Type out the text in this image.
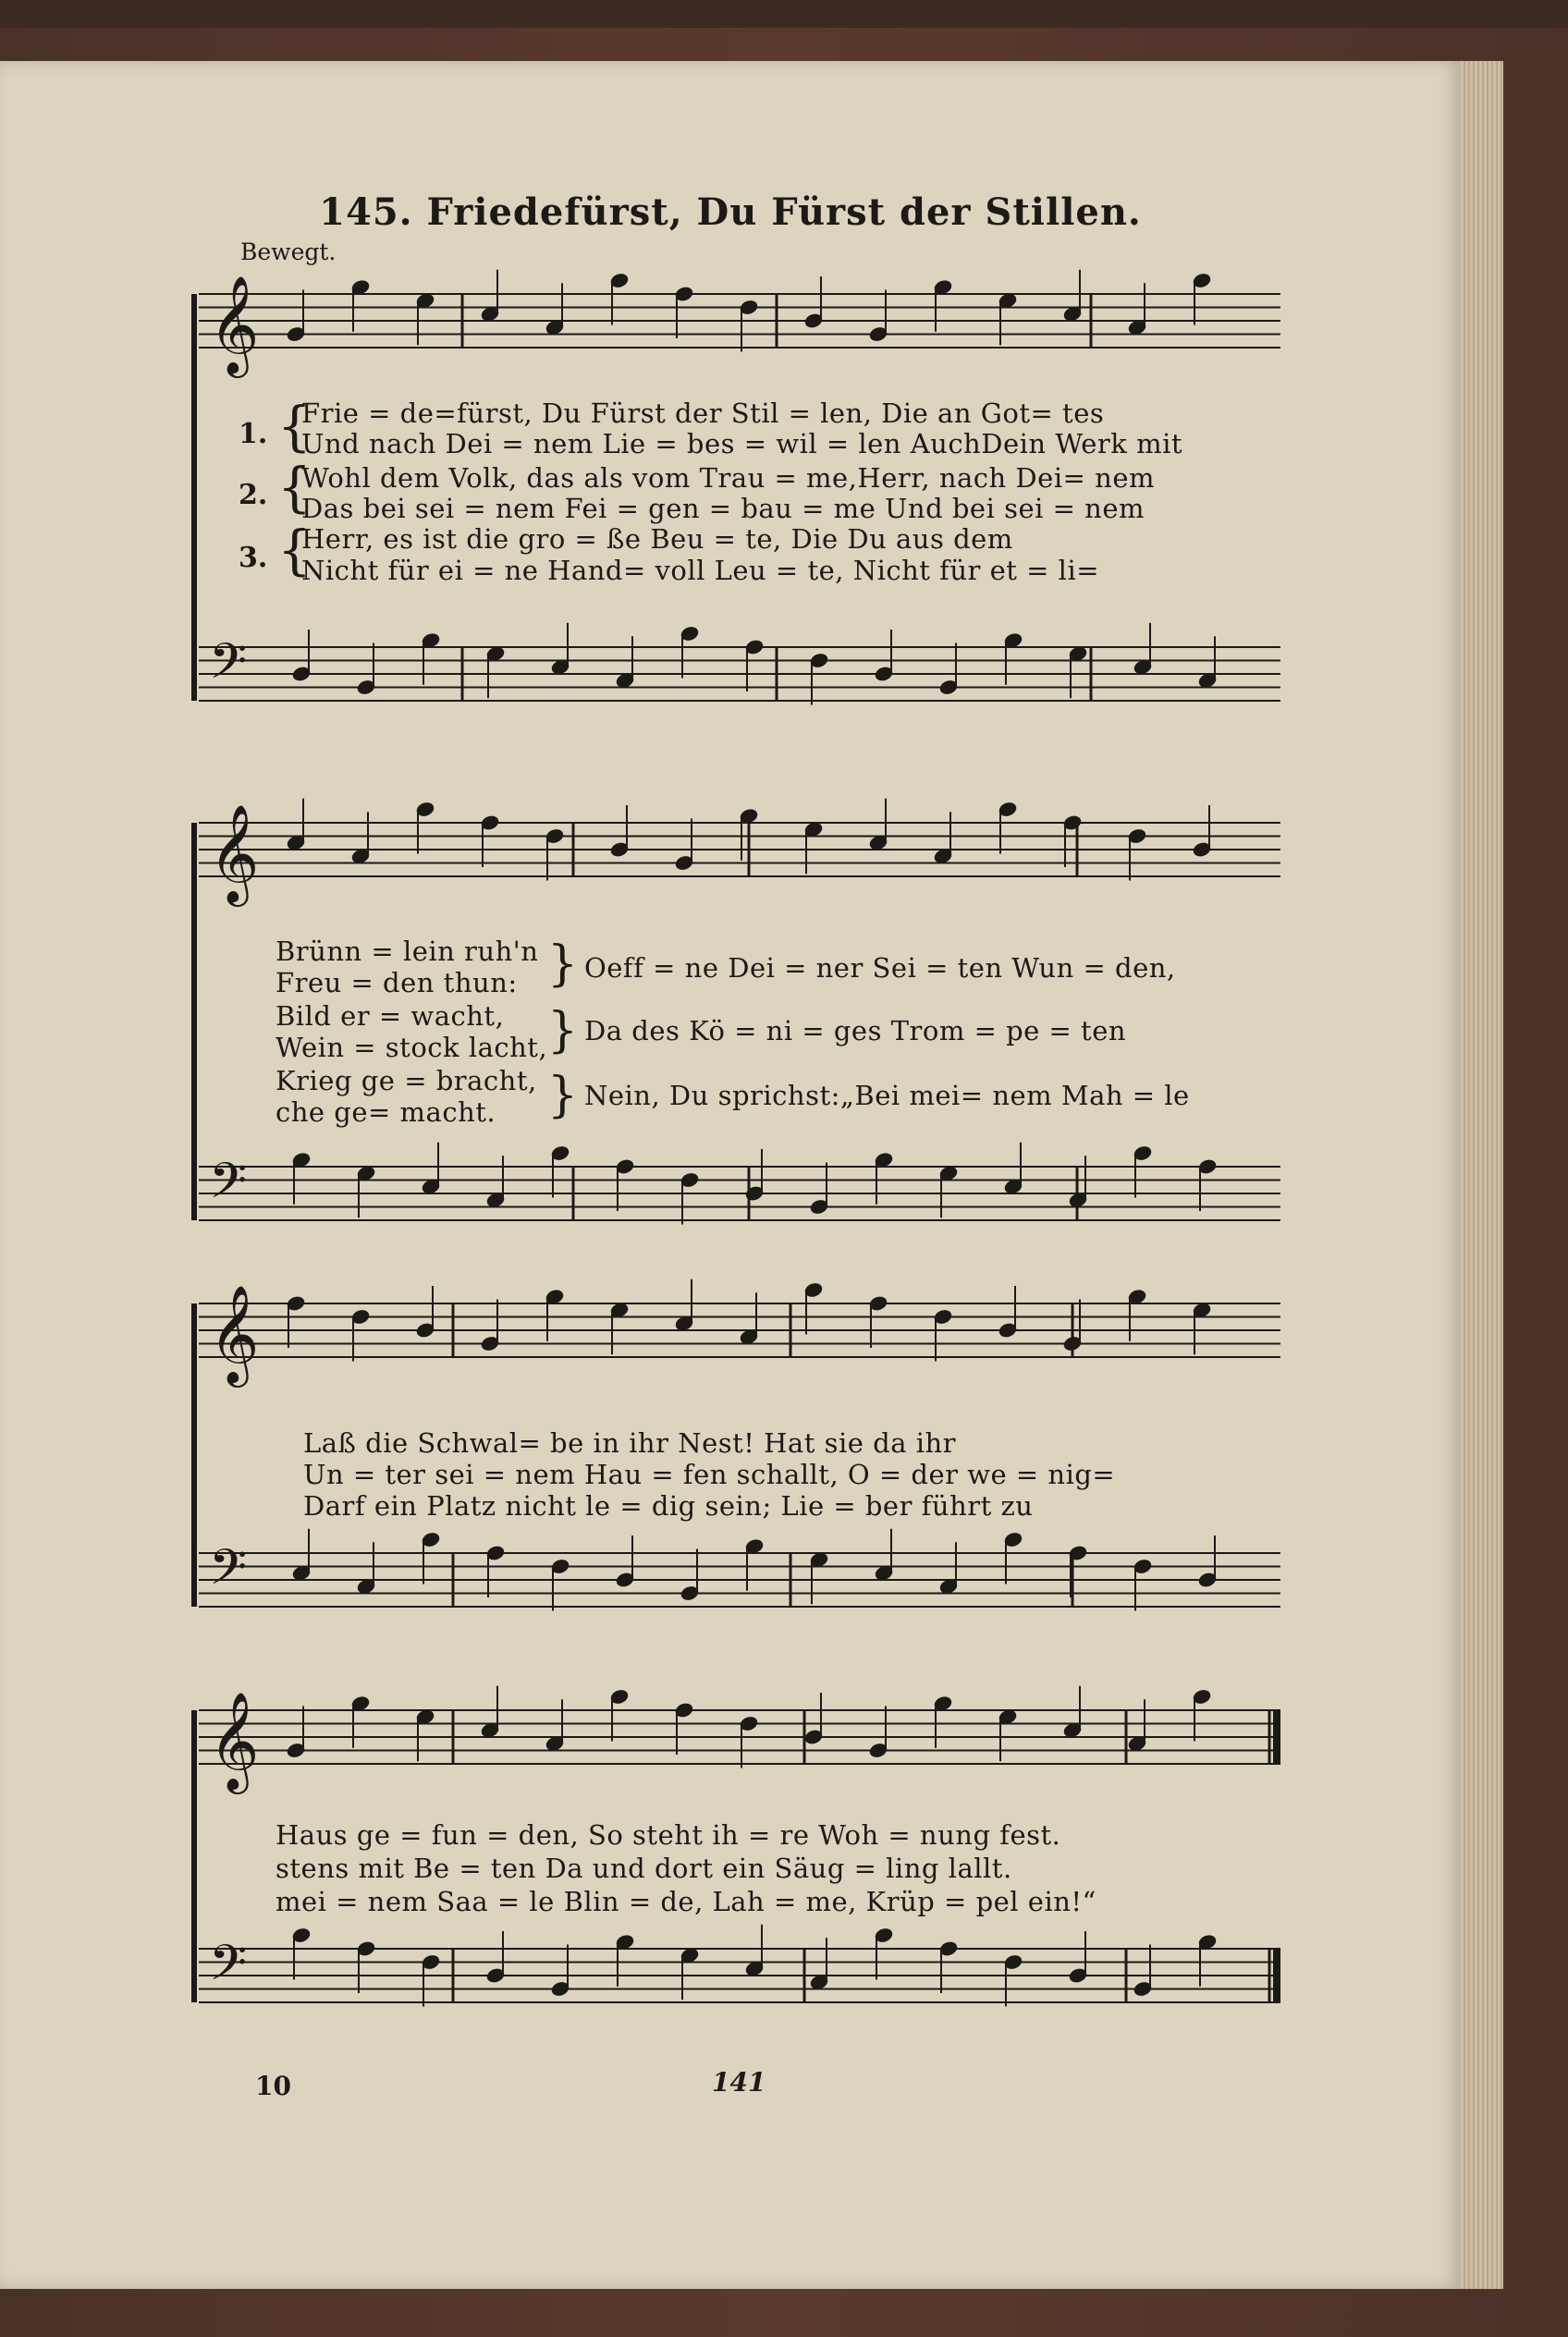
145. Friedefürst, Du Fürst der Stillen.
Bewegt.
𝄞
𝄢
𝄞
𝄢
𝄞
𝄢
𝄞
𝄢
1. {
Frie = de=fürst, Du Fürst der Stil = len, Die an Got= tes
Und nach Dei = nem Lie = bes = wil = len AuchDein Werk mit
2. {
Wohl dem Volk, das als vom Trau = me,Herr, nach Dei= nem
Das bei sei = nem Fei = gen = bau = me Und bei sei = nem
3. {
Herr, es ist die gro = ße Beu = te, Die Du aus dem
Nicht für ei = ne Hand= voll Leu = te, Nicht für et = li=
Brünn = lein ruh'n
Freu = den thun:
Bild er = wacht,
Wein = stock lacht,
Krieg ge = bracht,
che ge= macht.
}
}
}
Oeff = ne Dei = ner Sei = ten Wun = den,
Da des Kö = ni = ges Trom = pe = ten
Nein, Du sprichst:„Bei mei= nem Mah = le
Laß die Schwal= be in ihr Nest! Hat sie da ihr
Un = ter sei = nem Hau = fen schallt, O = der we = nig=
Darf ein Platz nicht le = dig sein; Lie = ber führt zu
Haus ge = fun = den, So steht ih = re Woh = nung fest.
stens mit Be = ten Da und dort ein Säug = ling lallt.
mei = nem Saa = le Blin = de, Lah = me, Krüp = pel ein!“
10	141
